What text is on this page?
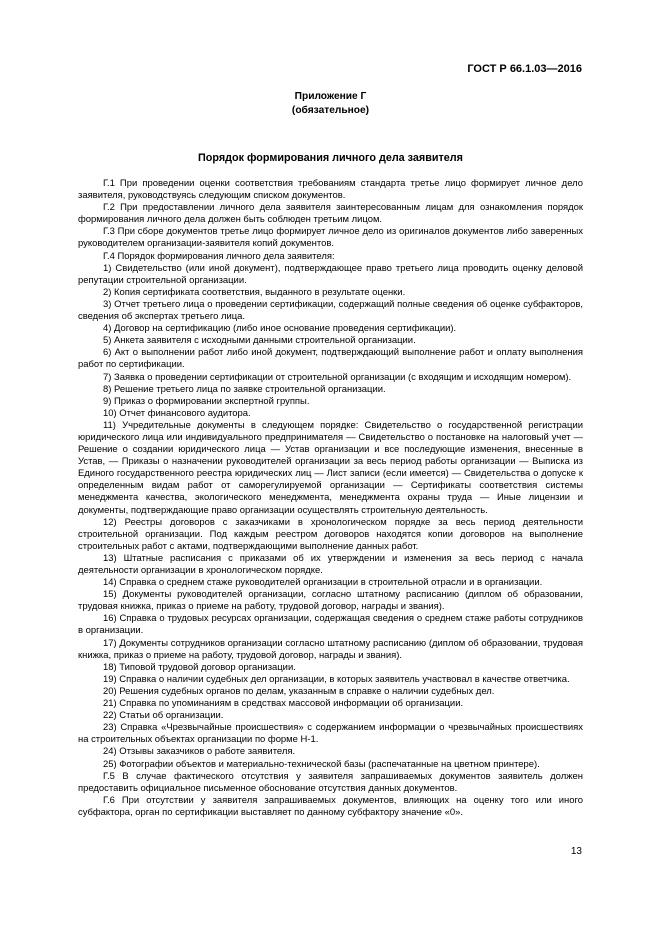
ГОСТ Р 66.1.03—2016
Приложение Г
(обязательное)
Порядок формирования личного дела заявителя

Г.1 При проведении оценки соответствия требованиям стандарта третье лицо формирует личное дело заявителя, руководствуясь следующим списком документов.

Г.2 При предоставлении личного дела заявителя заинтересованным лицам для ознакомления порядок формирования личного дела должен быть соблюден третьим лицом.

Г.3 При сборе документов третье лицо формирует личное дело из оригиналов документов либо заверенных руководителем организации-заявителя копий документов.

Г.4 Порядок формирования личного дела заявителя:

1) Свидетельство (или иной документ), подтверждающее право третьего лица проводить оценку деловой репутации строительной организации.

2) Копия сертификата соответствия, выданного в результате оценки.

3) Отчет третьего лица о проведении сертификации, содержащий полные сведения об оценке субфакторов, сведения об экспертах третьего лица.

4) Договор на сертификацию (либо иное основание проведения сертификации).

5) Анкета заявителя с исходными данными строительной организации.

6) Акт о выполнении работ либо иной документ, подтверждающий выполнение работ и оплату выполнения работ по сертификации.

7) Заявка о проведении сертификации от строительной организации (с входящим и исходящим номером).

8) Решение третьего лица по заявке строительной организации.

9) Приказ о формировании экспертной группы.

10) Отчет финансового аудитора.

11) Учредительные документы в следующем порядке: Свидетельство о государственной регистрации юридического лица или индивидуального предпринимателя — Свидетельство о постановке на налоговый учет — Решение о создании юридического лица — Устав организации и все последующие изменения, внесенные в Устав, — Приказы о назначении руководителей организации за весь период работы организации — Выписка из Единого государственного реестра юридических лиц — Лист записи (если имеется) — Свидетельства о допуске к определенным видам работ от саморегулируемой организации — Сертификаты соответствия системы менеджмента качества, экологического менеджмента, менеджмента охраны труда — Иные лицензии и документы, подтверждающие право организации осуществлять строительную деятельность.

12) Реестры договоров с заказчиками в хронологическом порядке за весь период деятельности строительной организации. Под каждым реестром договоров находятся копии договоров на выполнение строительных работ с актами, подтверждающими выполнение данных работ.

13) Штатные расписания с приказами об их утверждении и изменения за весь период с начала деятельности организации в хронологическом порядке.

14) Справка о среднем стаже руководителей организации в строительной отрасли и в организации.

15) Документы руководителей организации, согласно штатному расписанию (диплом об образовании, трудовая книжка, приказ о приеме на работу, трудовой договор, награды и звания).

16) Справка о трудовых ресурсах организации, содержащая сведения о среднем стаже работы сотрудников в организации.

17) Документы сотрудников организации согласно штатному расписанию (диплом об образовании, трудовая книжка, приказ о приеме на работу, трудовой договор, награды и звания).

18) Типовой трудовой договор организации.

19) Справка о наличии судебных дел организации, в которых заявитель участвовал в качестве ответчика.

20) Решения судебных органов по делам, указанным в справке о наличии судебных дел.

21) Справка по упоминаниям в средствах массовой информации об организации.

22) Статьи об организации.

23) Справка «Чрезвычайные происшествия» с содержанием информации о чрезвычайных происшествиях на строительных объектах организации по форме Н-1.

24) Отзывы заказчиков о работе заявителя.

25) Фотографии объектов и материально-технической базы (распечатанные на цветном принтере).

Г.5 В случае фактического отсутствия у заявителя запрашиваемых документов заявитель должен предоставить официальное письменное обоснование отсутствия данных документов.

Г.6 При отсутствии у заявителя запрашиваемых документов, влияющих на оценку того или иного субфактора, орган по сертификации выставляет по данному субфактору значение «0».

13
